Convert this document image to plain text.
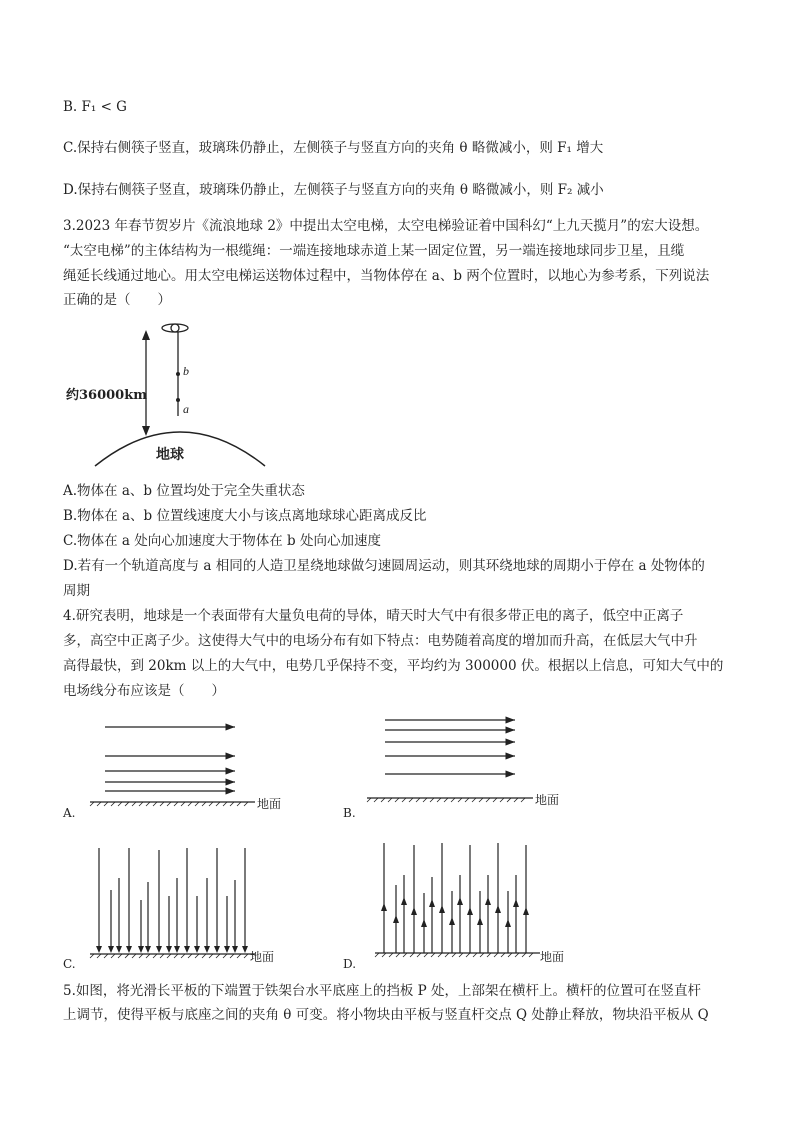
B. F₁ < G
C.保持右侧筷子竖直，玻璃珠仍静止，左侧筷子与竖直方向的夹角 θ 略微减小，则 F₁ 增大
D.保持右侧筷子竖直，玻璃珠仍静止，左侧筷子与竖直方向的夹角 θ 略微减小，则 F₂ 减小
3.2023 年春节贺岁片《流浪地球 2》中提出太空电梯，太空电梯验证着中国科幻“上九天揽月”的宏大设想。
“太空电梯”的主体结构为一根缆绳：一端连接地球赤道上某一固定位置，另一端连接地球同步卫星，且缆
绳延长线通过地心。用太空电梯运送物体过程中，当物体停在 a、b 两个位置时，以地心为参考系，下列说法
正确的是（　　）
约36000km
b
a
地球
A.物体在 a、b 位置均处于完全失重状态
B.物体在 a、b 位置线速度大小与该点离地球球心距离成反比
C.物体在 a 处向心加速度大于物体在 b 处向心加速度
D.若有一个轨道高度与 a 相同的人造卫星绕地球做匀速圆周运动，则其环绕地球的周期小于停在 a 处物体的
周期
4.研究表明，地球是一个表面带有大量负电荷的导体，晴天时大气中有很多带正电的离子，低空中正离子
多，高空中正离子少。这使得大气中的电场分布有如下特点：电势随着高度的增加而升高，在低层大气中升
高得最快，到 20km 以上的大气中，电势几乎保持不变，平均约为 300000 伏。根据以上信息，可知大气中的
电场线分布应该是（　　）
地面
A.
地面
B.
地面
C.	地面
D.
5.如图，将光滑长平板的下端置于铁架台水平底座上的挡板 P 处，上部架在横杆上。横杆的位置可在竖直杆
上调节，使得平板与底座之间的夹角 θ 可变。将小物块由平板与竖直杆交点 Q 处静止释放，物块沿平板从 Q
